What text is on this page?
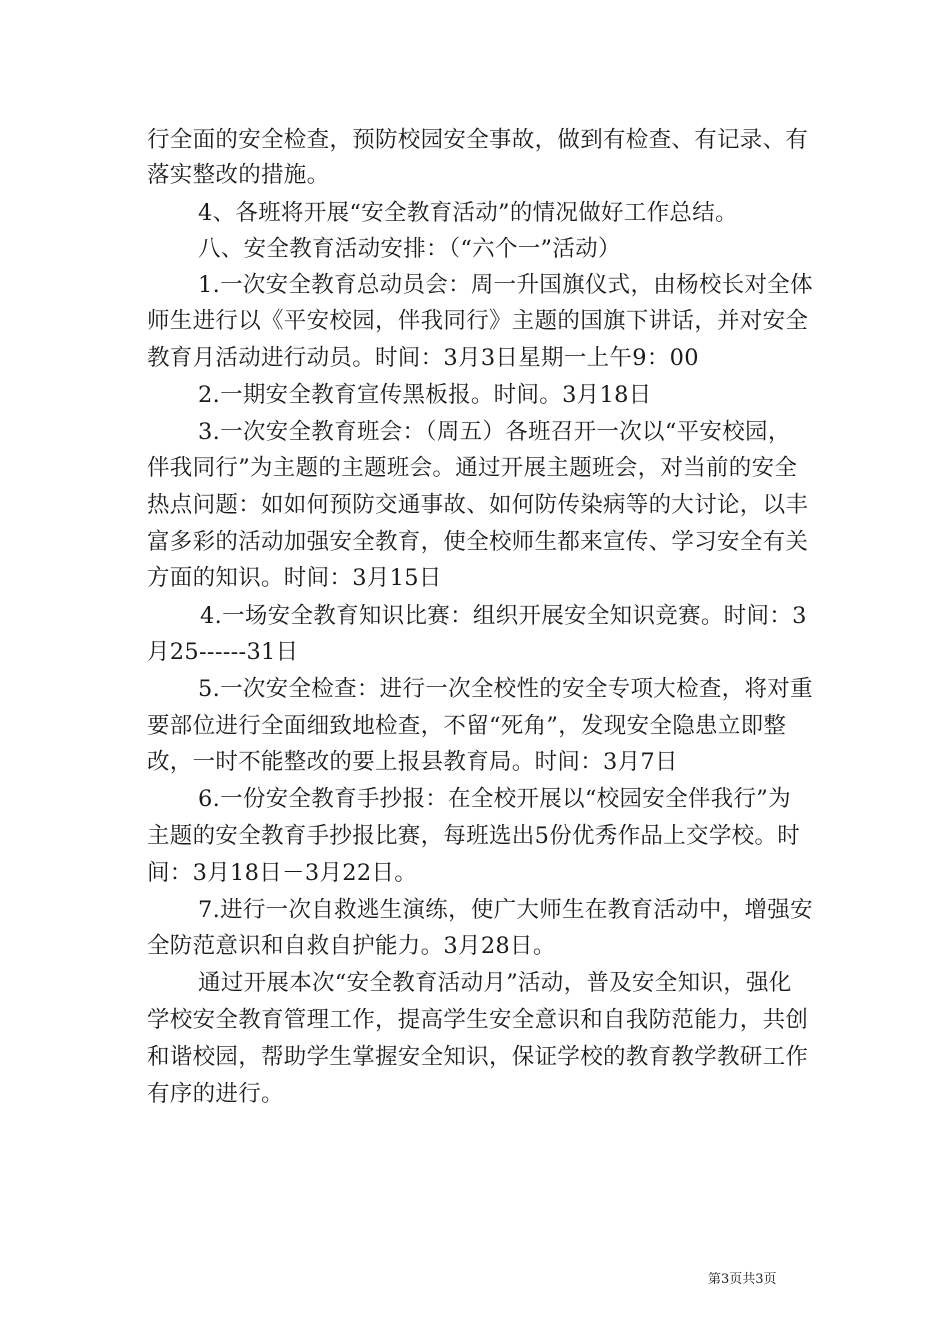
行全面的安全检查，预防校园安全事故，做到有检查、有记录、有
落实整改的措施。
4、各班将开展“安全教育活动”的情况做好工作总结。
八、安全教育活动安排：（“六个一”活动）
1.一次安全教育总动员会：周一升国旗仪式，由杨校长对全体
师生进行以《平安校园，伴我同行》主题的国旗下讲话，并对安全
教育月活动进行动员。时间：3月3日星期一上午9：00
2.一期安全教育宣传黑板报。时间。3月18日
3.一次安全教育班会：（周五）各班召开一次以“平安校园，
伴我同行”为主题的主题班会。通过开展主题班会，对当前的安全
热点问题：如如何预防交通事故、如何防传染病等的大讨论，以丰
富多彩的活动加强安全教育，使全校师生都来宣传、学习安全有关
方面的知识。时间：3月15日
4.一场安全教育知识比赛：组织开展安全知识竞赛。时间：3
月25------31日
5.一次安全检查：进行一次全校性的安全专项大检查，将对重
要部位进行全面细致地检查，不留“死角”，发现安全隐患立即整
改，一时不能整改的要上报县教育局。时间：3月7日
6.一份安全教育手抄报：在全校开展以“校园安全伴我行”为
主题的安全教育手抄报比赛，每班选出5份优秀作品上交学校。时
间：3月18日－3月22日。
7.进行一次自救逃生演练，使广大师生在教育活动中，增强安
全防范意识和自救自护能力。3月28日。
通过开展本次“安全教育活动月”活动，普及安全知识，强化
学校安全教育管理工作，提高学生安全意识和自我防范能力，共创
和谐校园，帮助学生掌握安全知识，保证学校的教育教学教研工作
有序的进行。
第3页共3页
